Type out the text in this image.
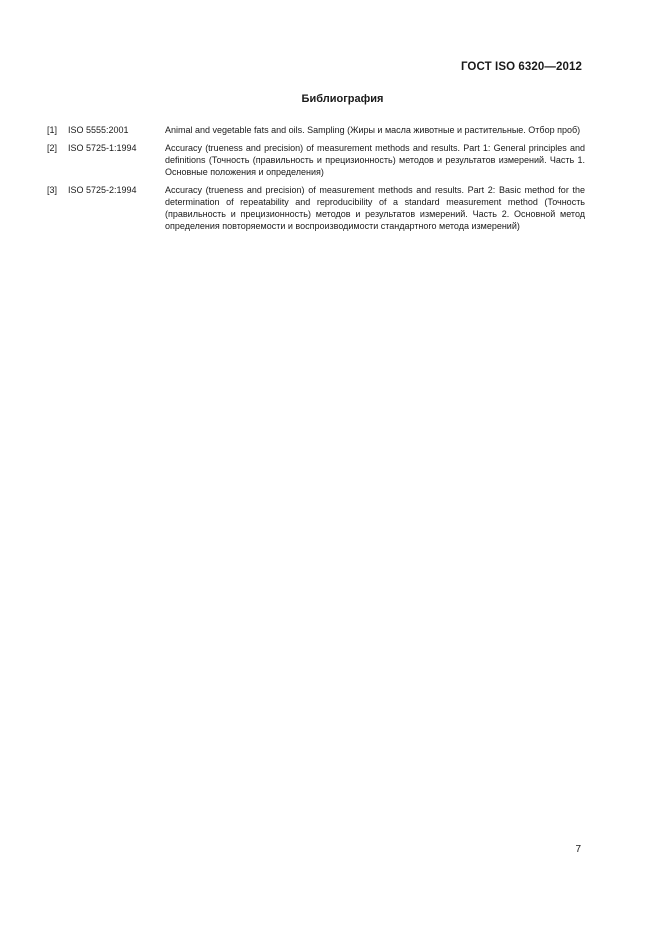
ГОСТ ISO 6320—2012
Библиография
[1]	ISO 5555:2001	Animal and vegetable fats and oils. Sampling (Жиры и масла животные и растительные. Отбор проб)
[2]	ISO 5725-1:1994	Accuracy (trueness and precision) of measurement methods and results. Part 1: General principles and definitions (Точность (правильность и прецизионность) методов и результатов измерений. Часть 1. Основные положения и определения)
[3]	ISO 5725-2:1994	Accuracy (trueness and precision) of measurement methods and results. Part 2: Basic method for the determination of repeatability and reproducibility of a standard measurement method (Точность (правильность и прецизионность) методов и результатов измерений. Часть 2. Основной метод определения повторяемости и воспроизводимости стандартного метода измерений)
7
